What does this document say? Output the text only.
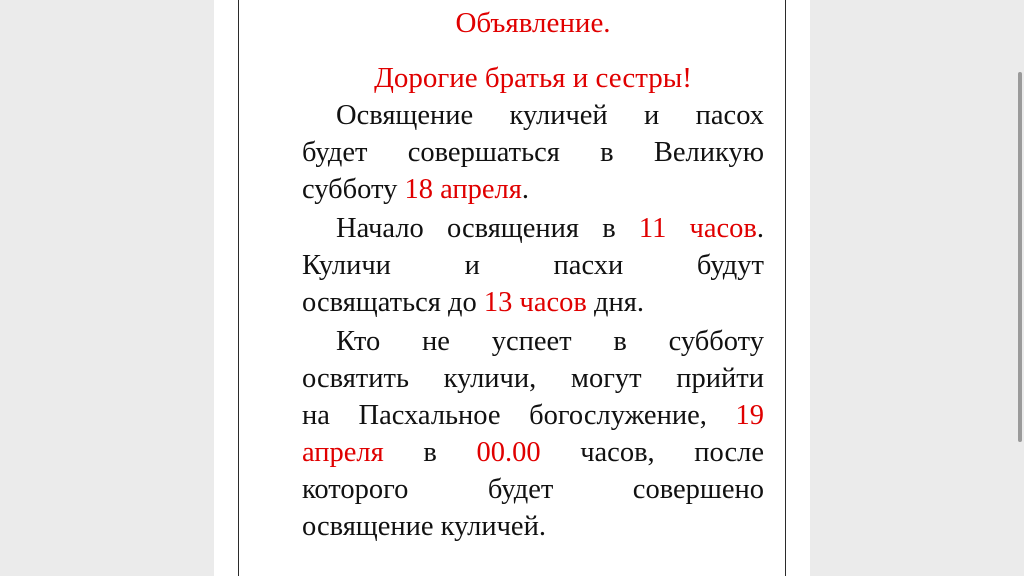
Объявление.
Дорогие братья и сестры!

Освящение куличей и пасох
будет совершаться в Великую
субботу 18 апреля.

Начало освящения в 11 часов.
Куличи и пасхи будут
освящаться до 13 часов дня.

Кто не успеет в субботу
освятить куличи, могут прийти
на Пасхальное богослужение, 19
апреля в 00.00 часов, после
которого будет совершено
освящение куличей.
